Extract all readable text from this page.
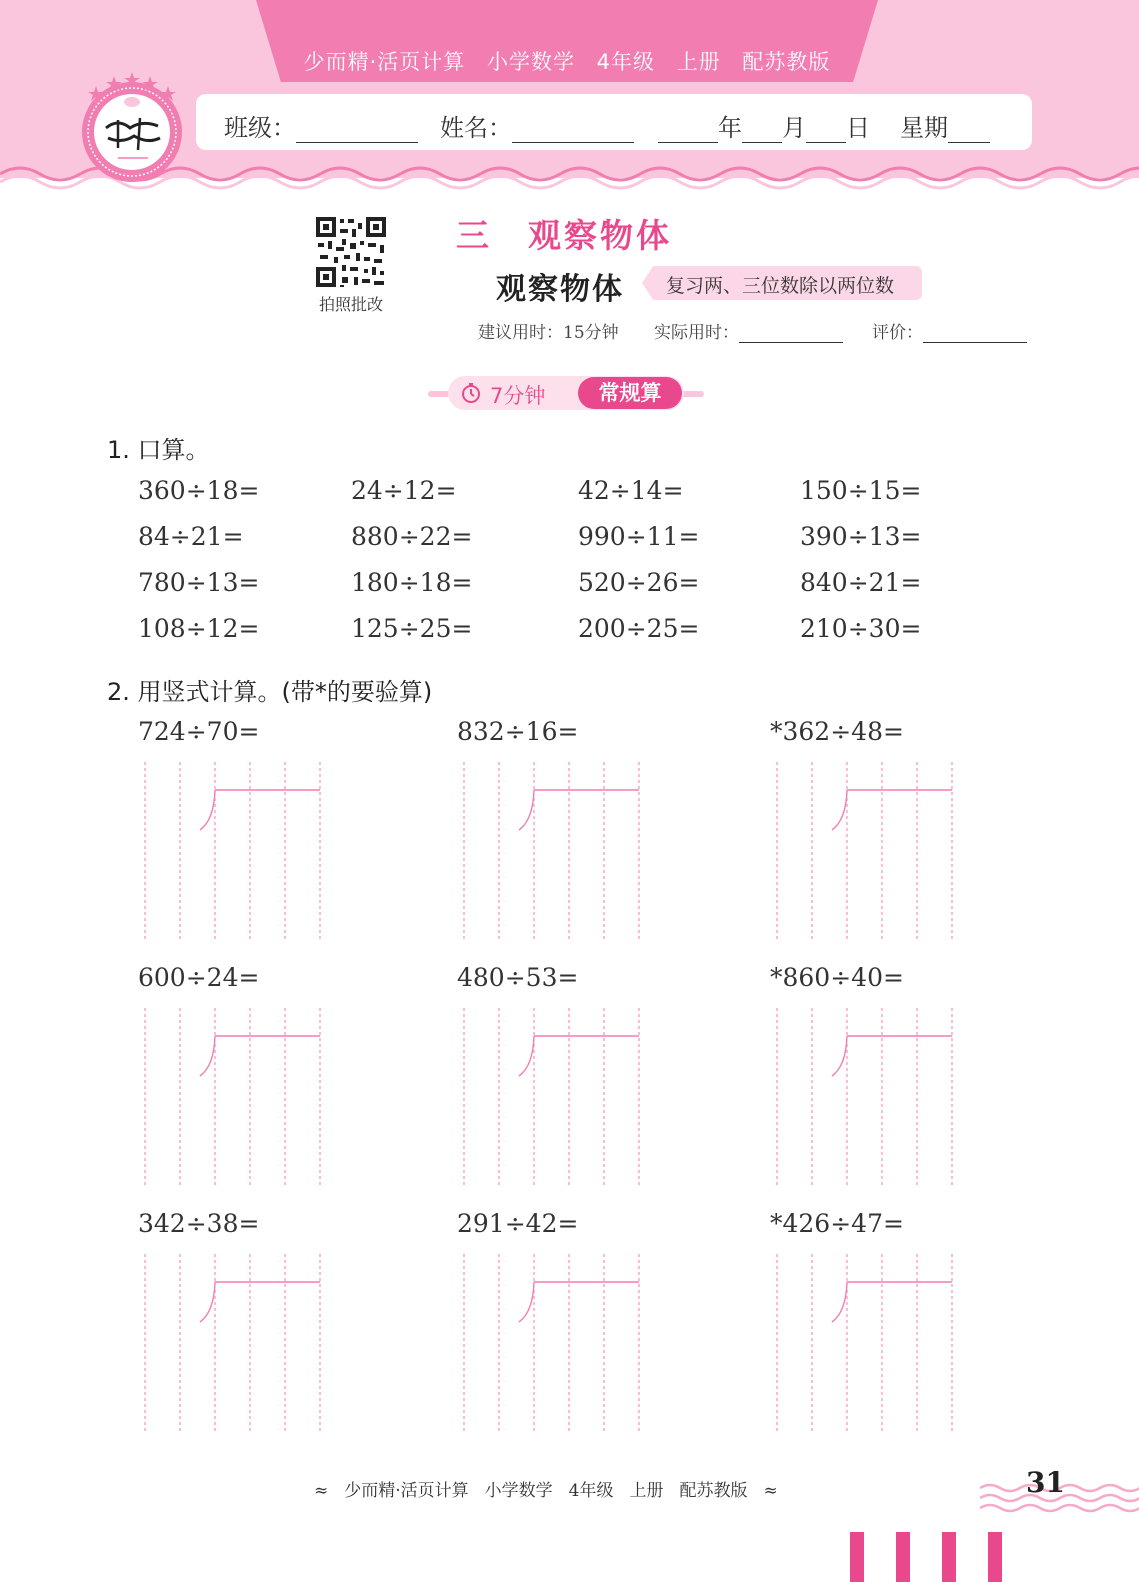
少而精·活页计算 小学数学 4年级 上册 配苏教版
班级：	姓名：	年 月 日 星期
拍照批改
三　观察物体
观察物体 复习两、三位数除以两位数
建议用时：15分钟 实际用时：	评价：
7分钟	常规算
1. 口算。
360÷18=	24÷12=	42÷14=	150÷15=
84÷21=	880÷22=	990÷11=	390÷13=
780÷13=	180÷18=	520÷26=	840÷21=
108÷12=	125÷25=	200÷25=	210÷30=
2. 用竖式计算。(带*的要验算)
724÷70=	832÷16=	*362÷48=
600÷24=	480÷53=	*860÷40=
342÷38=	291÷42=	*426÷47=
≈ 少而精·活页计算 小学数学 4年级 上册 配苏教版 ≈	31
